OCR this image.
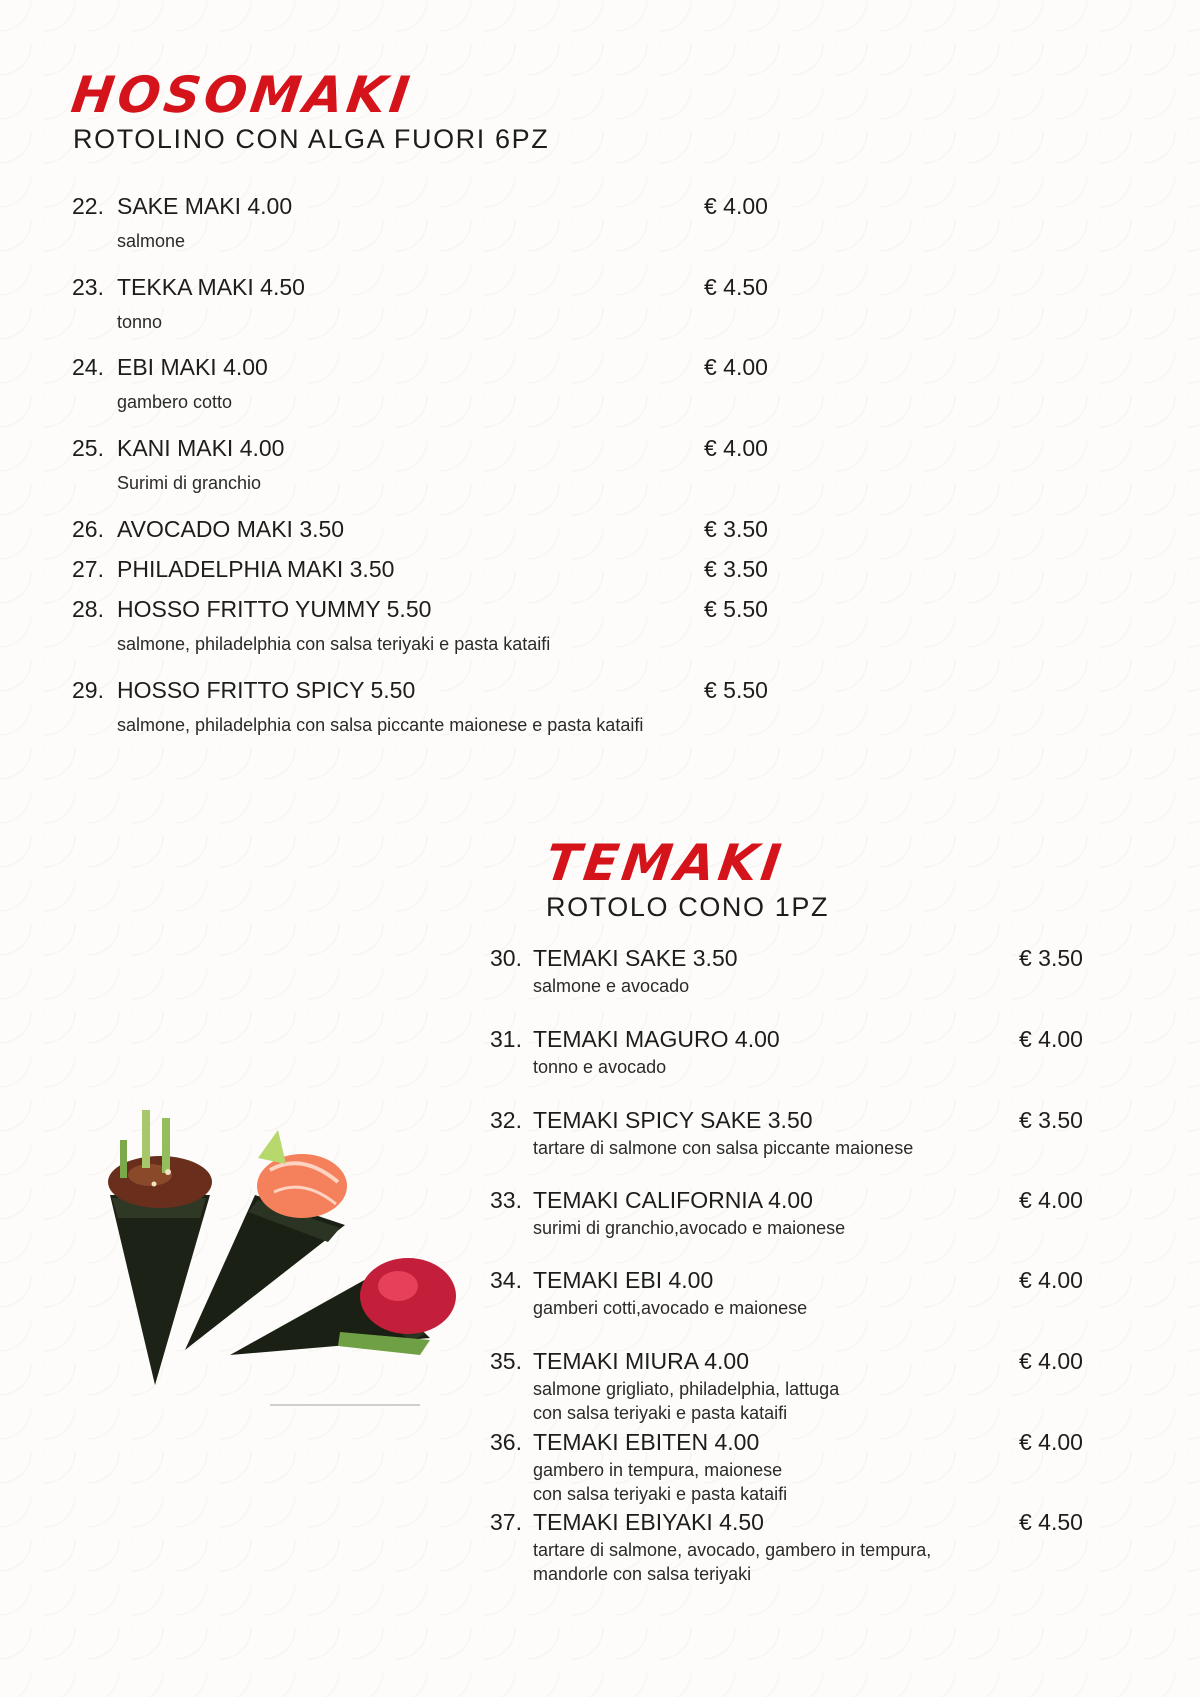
HOSOMAKI
ROTOLINO CON ALGA FUORI 6PZ
22. SAKE MAKI 4.00	€ 4.00
salmone
23. TEKKA MAKI 4.50	€ 4.50
tonno
24. EBI MAKI 4.00	€ 4.00
gambero cotto
25. KANI MAKI 4.00	€ 4.00
Surimi di granchio
26. AVOCADO MAKI 3.50	€ 3.50
27. PHILADELPHIA MAKI 3.50	€ 3.50
28. HOSSO FRITTO YUMMY 5.50	€ 5.50
salmone, philadelphia con salsa teriyaki e pasta kataifi
29. HOSSO FRITTO SPICY 5.50	€ 5.50
salmone, philadelphia con salsa piccante maionese e pasta kataifi
TEMAKI
ROTOLO CONO 1PZ
30. TEMAKI SAKE 3.50	€ 3.50
salmone e avocado
31. TEMAKI MAGURO 4.00	€ 4.00
tonno e avocado
32. TEMAKI SPICY SAKE 3.50	€ 3.50
tartare di salmone con salsa piccante maionese
33. TEMAKI CALIFORNIA 4.00	€ 4.00
surimi di granchio,avocado e maionese
34. TEMAKI EBI 4.00	€ 4.00
gamberi cotti,avocado e maionese
35. TEMAKI MIURA 4.00	€ 4.00
salmone grigliato, philadelphia, lattuga
con salsa teriyaki e pasta kataifi
36. TEMAKI EBITEN 4.00	€ 4.00
gambero in tempura, maionese
con salsa teriyaki e pasta kataifi
37. TEMAKI EBIYAKI 4.50	€ 4.50
tartare di salmone, avocado, gambero in tempura,
mandorle con salsa teriyaki
